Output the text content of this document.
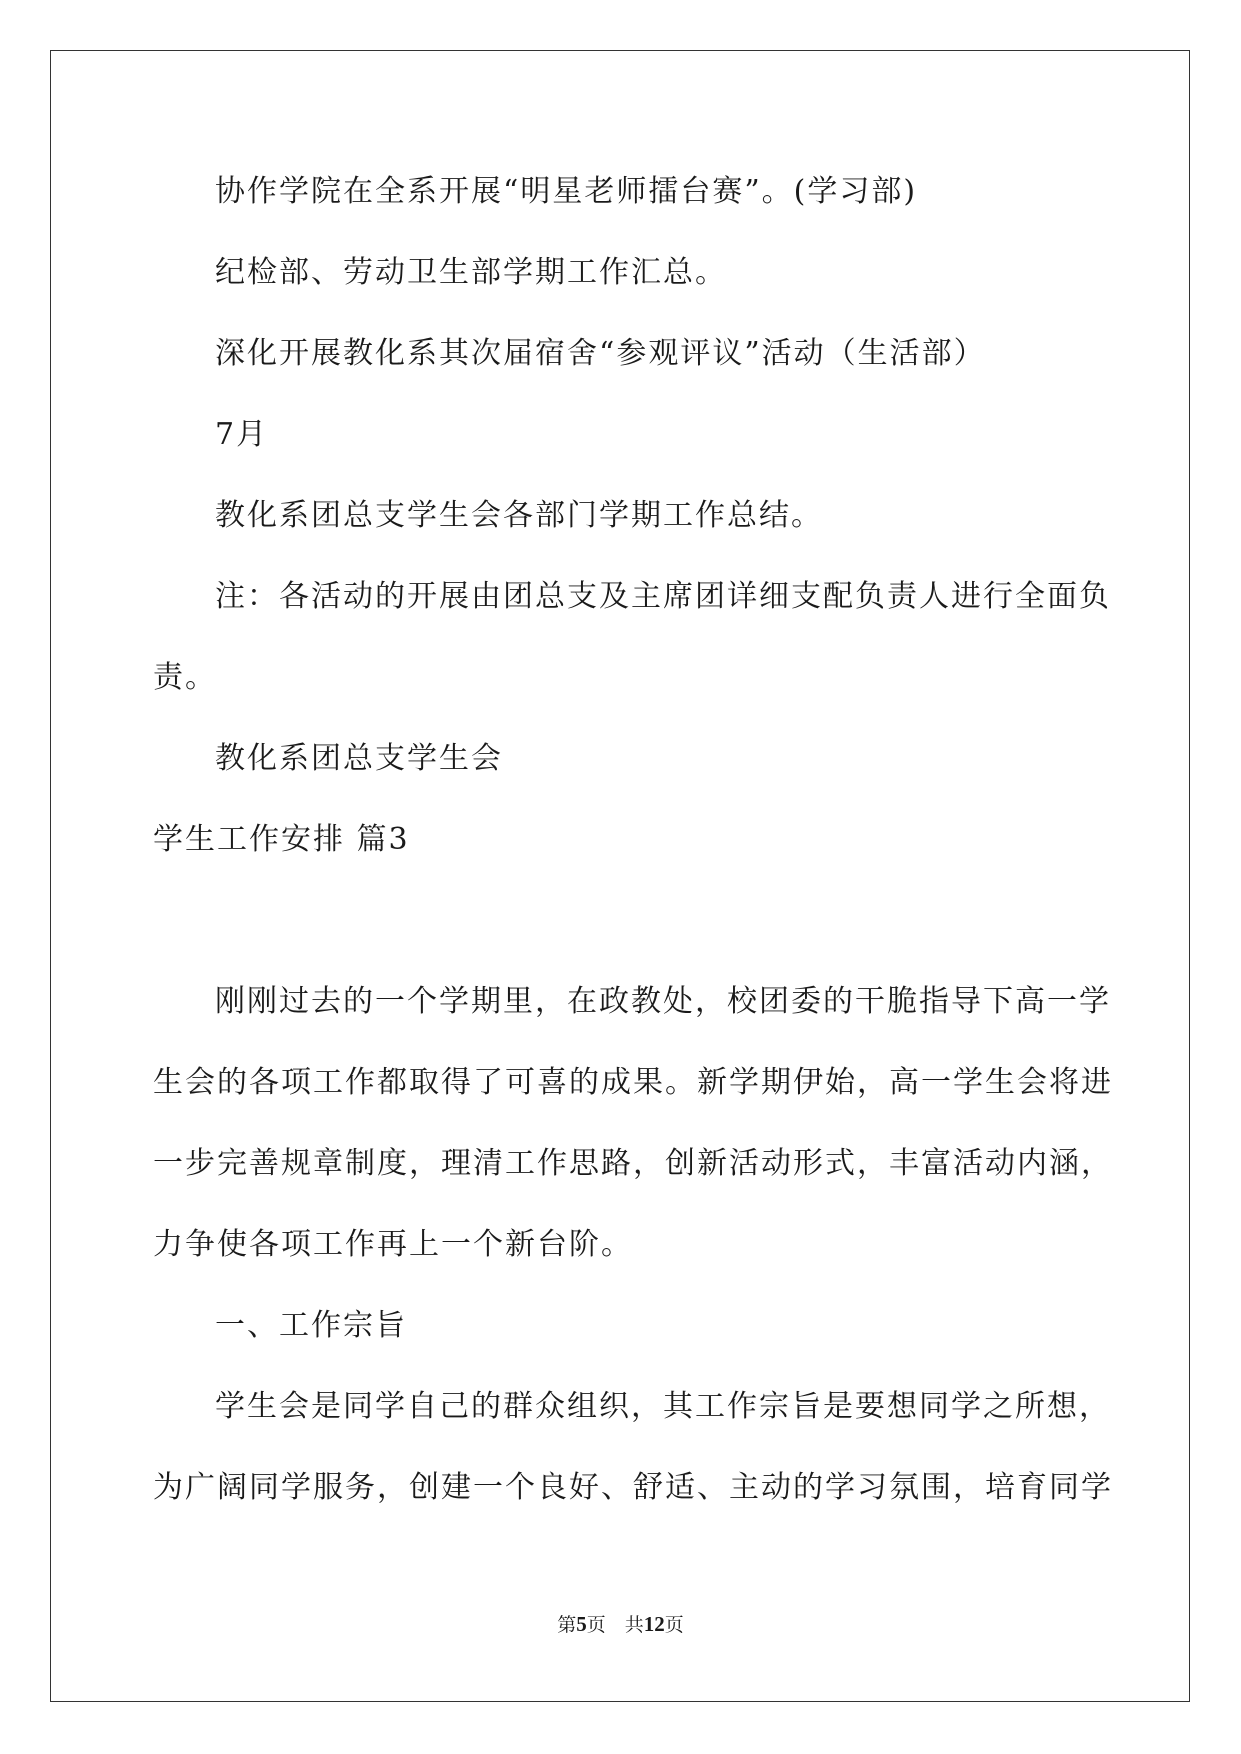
协作学院在全系开展“明星老师擂台赛”。(学习部)
纪检部、劳动卫生部学期工作汇总。
深化开展教化系其次届宿舍“参观评议”活动（生活部）
7月
教化系团总支学生会各部门学期工作总结。
注：各活动的开展由团总支及主席团详细支配负责人进行全面负
责。
教化系团总支学生会
学生工作安排 篇3
刚刚过去的一个学期里，在政教处，校团委的干脆指导下高一学
生会的各项工作都取得了可喜的成果。新学期伊始，高一学生会将进
一步完善规章制度，理清工作思路，创新活动形式，丰富活动内涵，
力争使各项工作再上一个新台阶。
一、工作宗旨
学生会是同学自己的群众组织，其工作宗旨是要想同学之所想，
为广阔同学服务，创建一个良好、舒适、主动的学习氛围，培育同学
第5页　共12页
